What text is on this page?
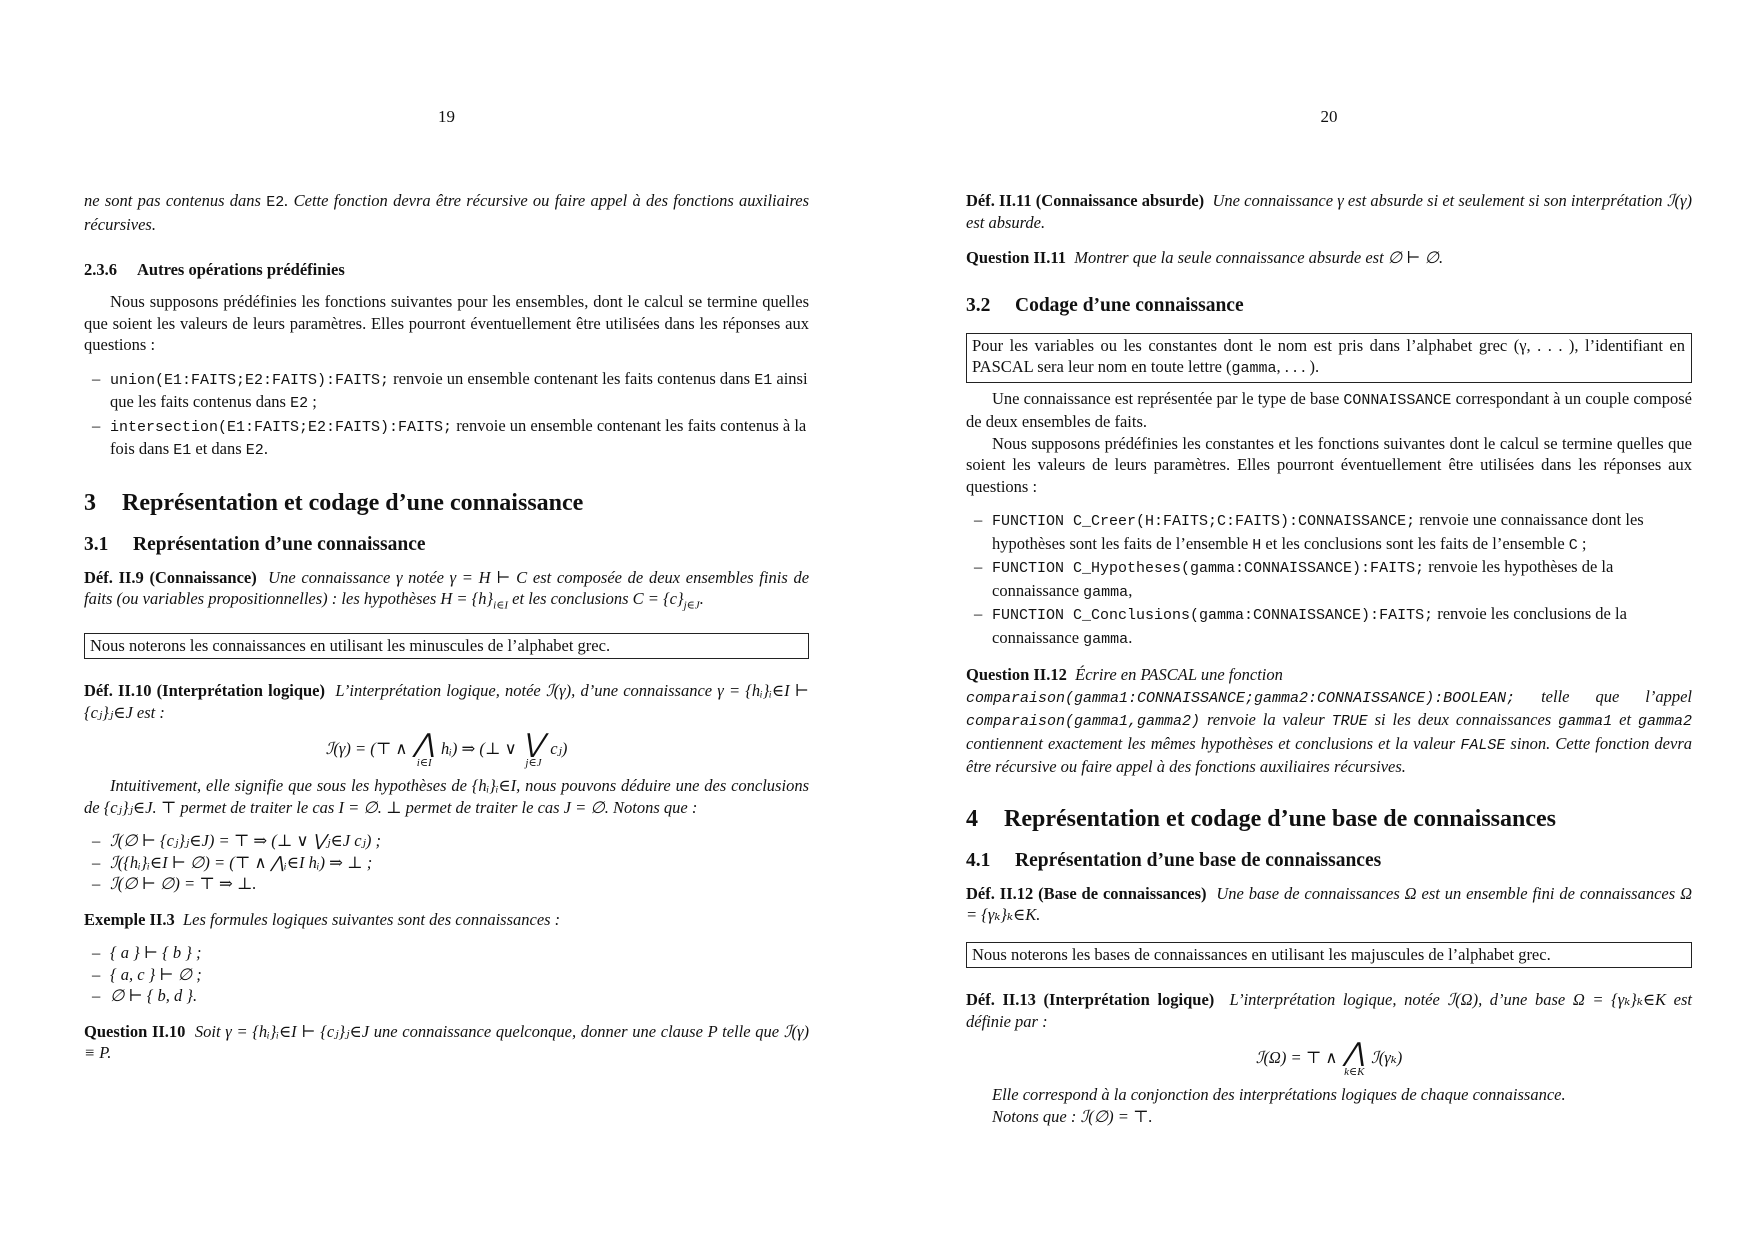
19

ne sont pas contenus dans E2. Cette fonction devra être récursive ou faire appel à des fonctions auxiliaires récursives.

2.3.6 Autres opérations prédéfinies

Nous supposons prédéfinies les fonctions suivantes pour les ensembles, dont le calcul se termine quelles que soient les valeurs de leurs paramètres. Elles pourront éventuellement être utilisées dans les réponses aux questions :

– union(E1:FAITS;E2:FAITS):FAITS; renvoie un ensemble contenant les faits contenus dans E1 ainsi que les faits contenus dans E2 ;
– intersection(E1:FAITS;E2:FAITS):FAITS; renvoie un ensemble contenant les faits contenus à la fois dans E1 et dans E2.
3 Représentation et codage d’une connaissance
3.1 Représentation d’une connaissance

Déf. II.9 (Connaissance) Une connaissance γ notée γ = H ⊢ C est composée de deux ensembles finis de faits (ou variables propositionnelles) : les hypothèses $H = \{h\}_{i\in I}$ et les conclusions $C = \{c\}_{j\in J}$.

Nous noterons les connaissances en utilisant les minuscules de l’alphabet grec.

Déf. II.10 (Interprétation logique) L’interprétation logique, notée ℐ(γ), d’une connaissance γ = {hᵢ}ᵢ∈I ⊢ {cⱼ}ⱼ∈J est :

ℐ(γ) = (⊤ ∧ ⋀
i∈I
hᵢ) ⇒ (⊥ ∨ ⋁
j∈J
cⱼ)

Intuitivement, elle signifie que sous les hypothèses de {hᵢ}ᵢ∈I, nous pouvons déduire une des conclusions de {cⱼ}ⱼ∈J. ⊤ permet de traiter le cas I = ∅. ⊥ permet de traiter le cas J = ∅. Notons que :

– ℐ(∅ ⊢ {cⱼ}ⱼ∈J) = ⊤ ⇒ (⊥ ∨ ⋁ⱼ∈J cⱼ) ;
– ℐ({hᵢ}ᵢ∈I ⊢ ∅) = (⊤ ∧ ⋀ᵢ∈I hᵢ) ⇒ ⊥ ;
– ℐ(∅ ⊢ ∅) = ⊤ ⇒ ⊥.

Exemple II.3 Les formules logiques suivantes sont des connaissances :

– { a } ⊢ { b } ;
– { a, c } ⊢ ∅ ;
– ∅ ⊢ { b, d }.

Question II.10 Soit γ = {hᵢ}ᵢ∈I ⊢ {cⱼ}ⱼ∈J une connaissance quelconque, donner une clause P telle que ℐ(γ) ≡ P.

20

Déf. II.11 (Connaissance absurde) Une connaissance γ est absurde si et seulement si son interprétation ℐ(γ) est absurde.

Question II.11 Montrer que la seule connaissance absurde est ∅ ⊢ ∅.

3.2 Codage d’une connaissance

Pour les variables ou les constantes dont le nom est pris dans l’alphabet grec (γ, . . . ), l’identifiant en PASCAL sera leur nom en toute lettre (gamma, . . . ).

Une connaissance est représentée par le type de base CONNAISSANCE correspondant à un couple composé de deux ensembles de faits.

Nous supposons prédéfinies les constantes et les fonctions suivantes dont le calcul se termine quelles que soient les valeurs de leurs paramètres. Elles pourront éventuellement être utilisées dans les réponses aux questions :

– FUNCTION C_Creer(H:FAITS;C:FAITS):CONNAISSANCE; renvoie une connaissance dont les hypothèses sont les faits de l’ensemble H et les conclusions sont les faits de l’ensemble C ;
– FUNCTION C_Hypotheses(gamma:CONNAISSANCE):FAITS; renvoie les hypothèses de la connaissance gamma,
– FUNCTION C_Conclusions(gamma:CONNAISSANCE):FAITS; renvoie les conclusions de la connaissance gamma.

Question II.12 Écrire en PASCAL une fonction
comparaison(gamma1:CONNAISSANCE;gamma2:CONNAISSANCE):BOOLEAN; telle que l’appel comparaison(gamma1,gamma2) renvoie la valeur TRUE si les deux connaissances gamma1 et gamma2 contiennent exactement les mêmes hypothèses et conclusions et la valeur FALSE sinon. Cette fonction devra être récursive ou faire appel à des fonctions auxiliaires récursives.

4 Représentation et codage d’une base de connaissances
4.1 Représentation d’une base de connaissances

Déf. II.12 (Base de connaissances) Une base de connaissances Ω est un ensemble fini de connaissances Ω = {γₖ}ₖ∈K.

Nous noterons les bases de connaissances en utilisant les majuscules de l’alphabet grec.

Déf. II.13 (Interprétation logique) L’interprétation logique, notée ℐ(Ω), d’une base Ω = {γₖ}ₖ∈K est définie par :

ℐ(Ω) = ⊤ ∧ ⋀
k∈K
ℐ(γₖ)

Elle correspond à la conjonction des interprétations logiques de chaque connaissance.

Notons que : ℐ(∅) = ⊤.
